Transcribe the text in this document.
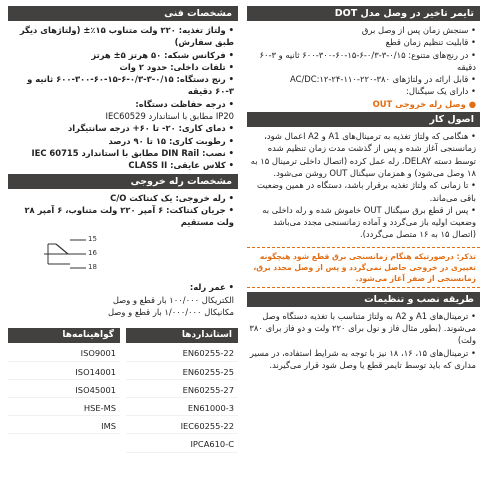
تایمر تاخیر در وصل مدل DOT

• سنجش زمان پس از وصل برق

• قابلیت تنظیم زمان قطع

• در رنج‌های متنوع: ۰/۱۵-۳-۰/۳-۶-۱۵-۶۰-۳۰۰-۶۰۰ ثانیه و ۳-۶۰ دقیقه

• قابل ارائه در ولتاژهای AC/DC:۱۲-۲۴-۱۱۰-۲۲۰-۳۸۰

• دارای یک سیگنال:

● وصل رله خروجی OUT

اصول کار

• هنگامی که ولتاژ تغذیه به ترمینال‌های A1 و A2 اعمال شود، زمانسنجی آغاز شده و پس از گذشت مدت زمان تنظیم شده توسط دسته DELAY، رله عمل کرده (اتصال داخلی ترمینال ۱۵ به ۱۸ وصل می‌شود) و همزمان سیگنال OUT روشن می‌شود.

• تا زمانی که ولتاژ تغذیه برقرار باشد، دستگاه در همین وضعیت باقی می‌ماند.

• پس از قطع برق سیگنال OUT خاموش شده و رله داخلی به وضعیت اولیه باز می‌گردد و آماده زمانسنجی مجدد می‌باشد (اتصال ۱۵ به ۱۶ متصل می‌گردد).

تذکر: درصورتیکه هنگام زمانسنجی برق قطع شود هیچگونه تغییری در خروجی حاصل نمی‌گردد و پس از وصل مجدد برق، زمانسنجی از صفر آغاز می‌شود.
طریقه نصب و تنظیمات

• ترمینال‌های A1 و A2 به ولتاژ متناسب با تغذیه دستگاه وصل می‌شوند. (بطور مثال فاز و نول برای ۲۲۰ ولت و دو فاز برای ۳۸۰ ولت)

• ترمینال‌های ۱۵، ۱۶، ۱۸ نیز با توجه به شرایط استفاده، در مسیر مداری که باید توسط تایمر قطع یا وصل شود قرار می‌گیرند.

مشخصات فنی

• ولتاژ تغذیه: ۲۲۰ ولت متناوب ۱۵٪± (ولتاژهای دیگر طبق سفارش)

• فرکانس شبکه: ۵۰ هرتز ۵± هرتز

• تلفات داخلی: حدود ۲ وات

• رنج دستگاه: ۰/۱۵-۳-۰/۳-۶-۱۵-۶۰-۳۰۰-۶۰۰ ثانیه و ۳-۶۰ دقیقه

• درجه حفاظت دستگاه:

IP20 مطابق با استاندارد IEC60529

• دمای کاری: ۲۰- تا ۶۰+ درجه سانتیگراد

• رطوبت کاری: ۱۵ تا ۹۰ درصد

• نصب: DIN Rail مطابق با استاندارد IEC 60715

• کلاس عایقی: CLASS II

مشخصات رله خروجی

• رله خروجی: یک کنتاکت C/O

• جریان کنتاکت: ۶ آمپر ۲۲۰ ولت متناوب، ۶ آمپر ۲۸ ولت مستقیم

15
16
18

• عمر رله:

الکتریکال ۱۰۰/۰۰۰ بار قطع و وصل

مکانیکال ۱/۰۰۰/۰۰۰ بار قطع و وصل

استانداردها
EN60255-22
EN60255-25
EN60255-27
EN61000-3
IEC60255-22
IPCA610-C
گواهینامه‌ها
ISO9001
ISO14001
ISO45001
HSE-MS
IMS
